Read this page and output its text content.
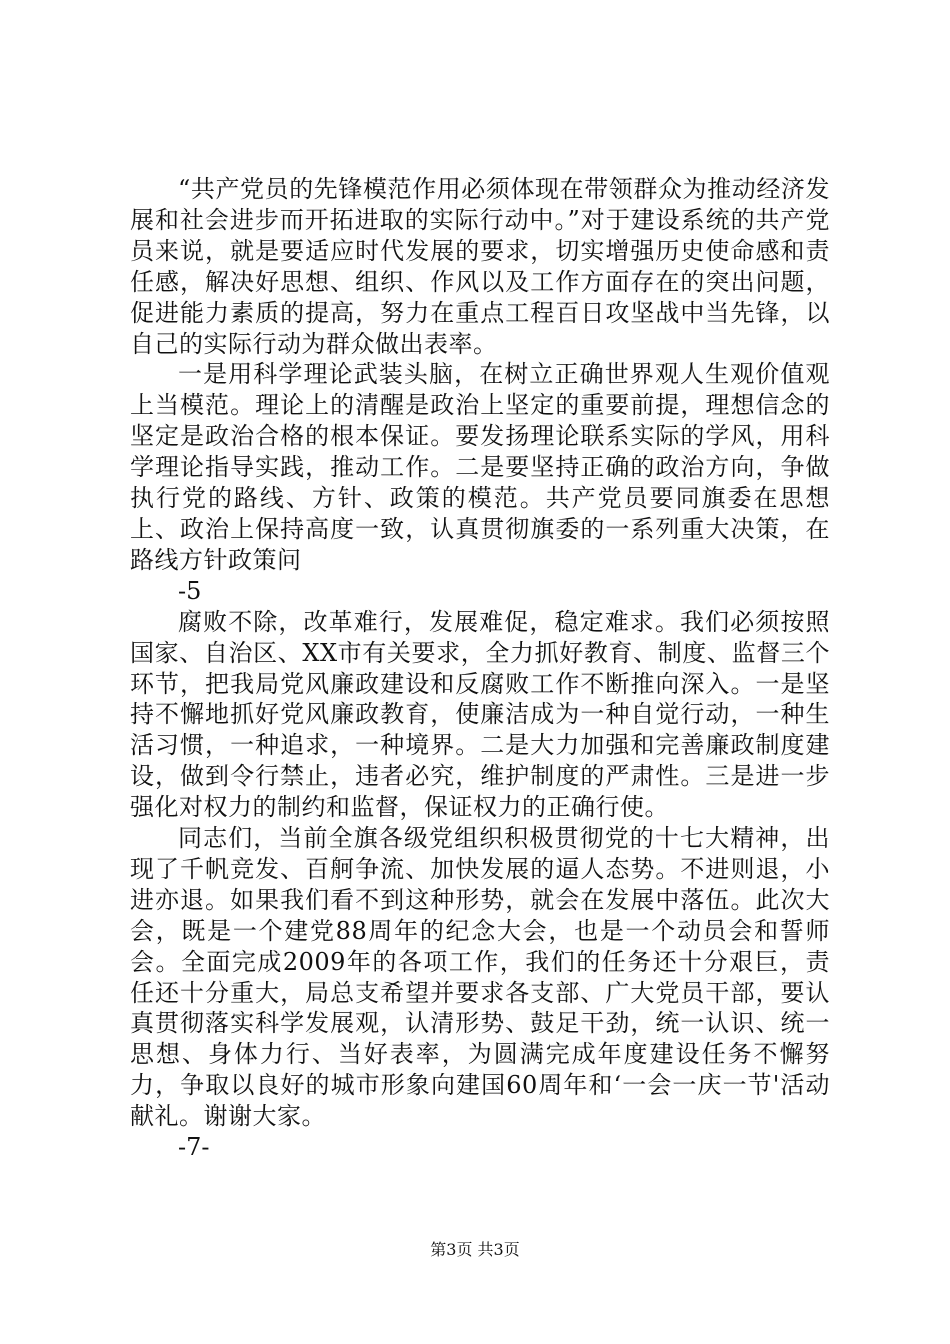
“共产党员的先锋模范作用必须体现在带领群众为推动经济发展和社会进步而开拓进取的实际行动中。”对于建设系统的共产党员来说，就是要适应时代发展的要求，切实增强历史使命感和责任感，解决好思想、组织、作风以及工作方面存在的突出问题，促进能力素质的提高，努力在重点工程百日攻坚战中当先锋，以自己的实际行动为群众做出表率。

一是用科学理论武装头脑，在树立正确世界观人生观价值观上当模范。理论上的清醒是政治上坚定的重要前提，理想信念的坚定是政治合格的根本保证。要发扬理论联系实际的学风，用科学理论指导实践，推动工作。二是要坚持正确的政治方向，争做执行党的路线、方针、政策的模范。共产党员要同旗委在思想上、政治上保持高度一致，认真贯彻旗委的一系列重大决策，在路线方针政策问

-5

腐败不除，改革难行，发展难促，稳定难求。我们必须按照国家、自治区、XX市有关要求，全力抓好教育、制度、监督三个环节，把我局党风廉政建设和反腐败工作不断推向深入。一是坚持不懈地抓好党风廉政教育，使廉洁成为一种自觉行动，一种生活习惯，一种追求，一种境界。二是大力加强和完善廉政制度建设，做到令行禁止，违者必究，维护制度的严肃性。三是进一步强化对权力的制约和监督，保证权力的正确行使。

同志们，当前全旗各级党组织积极贯彻党的十七大精神，出现了千帆竞发、百舸争流、加快发展的逼人态势。不进则退，小进亦退。如果我们看不到这种形势，就会在发展中落伍。此次大会，既是一个建党88周年的纪念大会，也是一个动员会和誓师会。全面完成2009年的各项工作，我们的任务还十分艰巨，责任还十分重大，局总支希望并要求各支部、广大党员干部，要认真贯彻落实科学发展观，认清形势、鼓足干劲，统一认识、统一思想、身体力行、当好表率，为圆满完成年度建设任务不懈努力，争取以良好的城市形象向建国60周年和‘一会一庆一节'活动献礼。谢谢大家。

-7-

第3页 共3页
